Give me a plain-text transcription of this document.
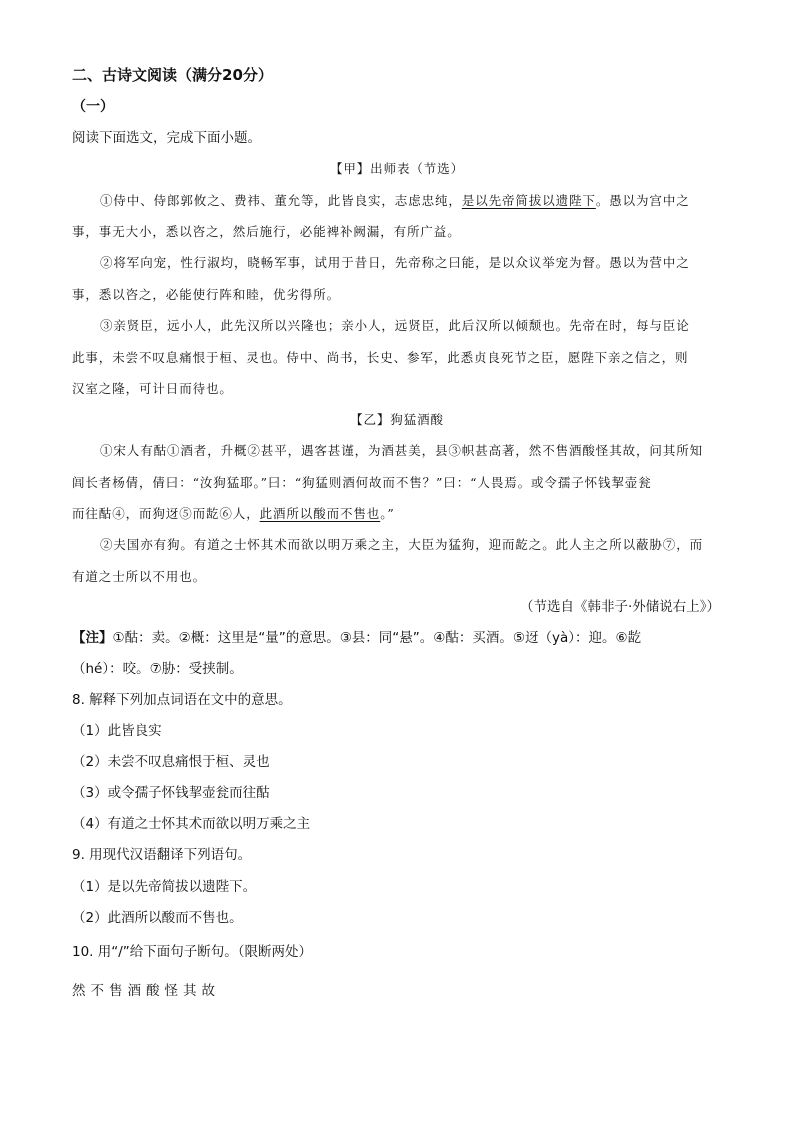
二、古诗文阅读（满分20分）
（一）
阅读下面选文，完成下面小题。
【甲】出师表（节选）
①侍中、侍郎郭攸之、费祎、董允等，此皆良实，志虑忠纯，是以先帝简拔以遗陛下。愚以为宫中之
事，事无大小，悉以咨之，然后施行，必能裨补阙漏，有所广益。
②将军向宠，性行淑均，晓畅军事，试用于昔日，先帝称之曰能，是以众议举宠为督。愚以为营中之
事，悉以咨之，必能使行阵和睦，优劣得所。
③亲贤臣，远小人，此先汉所以兴隆也；亲小人，远贤臣，此后汉所以倾颓也。先帝在时，每与臣论
此事，未尝不叹息痛恨于桓、灵也。侍中、尚书，长史、参军，此悉贞良死节之臣，愿陛下亲之信之，则
汉室之隆，可计日而待也。
【乙】狗猛酒酸
①宋人有酤①酒者，升概②甚平，遇客甚谨，为酒甚美，县③帜甚高著，然不售酒酸怪其故，问其所知
闾长者杨倩，倩曰：“汝狗猛耶。”曰：“狗猛则酒何故而不售？”曰：“人畏焉。或令孺子怀钱挈壶瓮
而往酤④，而狗迓⑤而龁⑥人，此酒所以酸而不售也。”
②夫国亦有狗。有道之士怀其术而欲以明万乘之主，大臣为猛狗，迎而龁之。此人主之所以蔽胁⑦，而
有道之士所以不用也。
（节选自《韩非子·外储说右上》）
【注】①酤：卖。②概：这里是“量”的意思。③县：同“悬”。④酤：买酒。⑤迓（yà）：迎。⑥龁
（hé）：咬。⑦胁：受挟制。
8. 解释下列加点词语在文中的意思。
（1）此皆良实
（2）未尝不叹息痛恨于桓、灵也
（3）或令孺子怀钱挈壶瓮而往酤
（4）有道之士怀其术而欲以明万乘之主
9. 用现代汉语翻译下列语句。
（1）是以先帝简拔以遗陛下。
（2）此酒所以酸而不售也。
10. 用“/”给下面句子断句。（限断两处）
然不售酒酸怪其故
